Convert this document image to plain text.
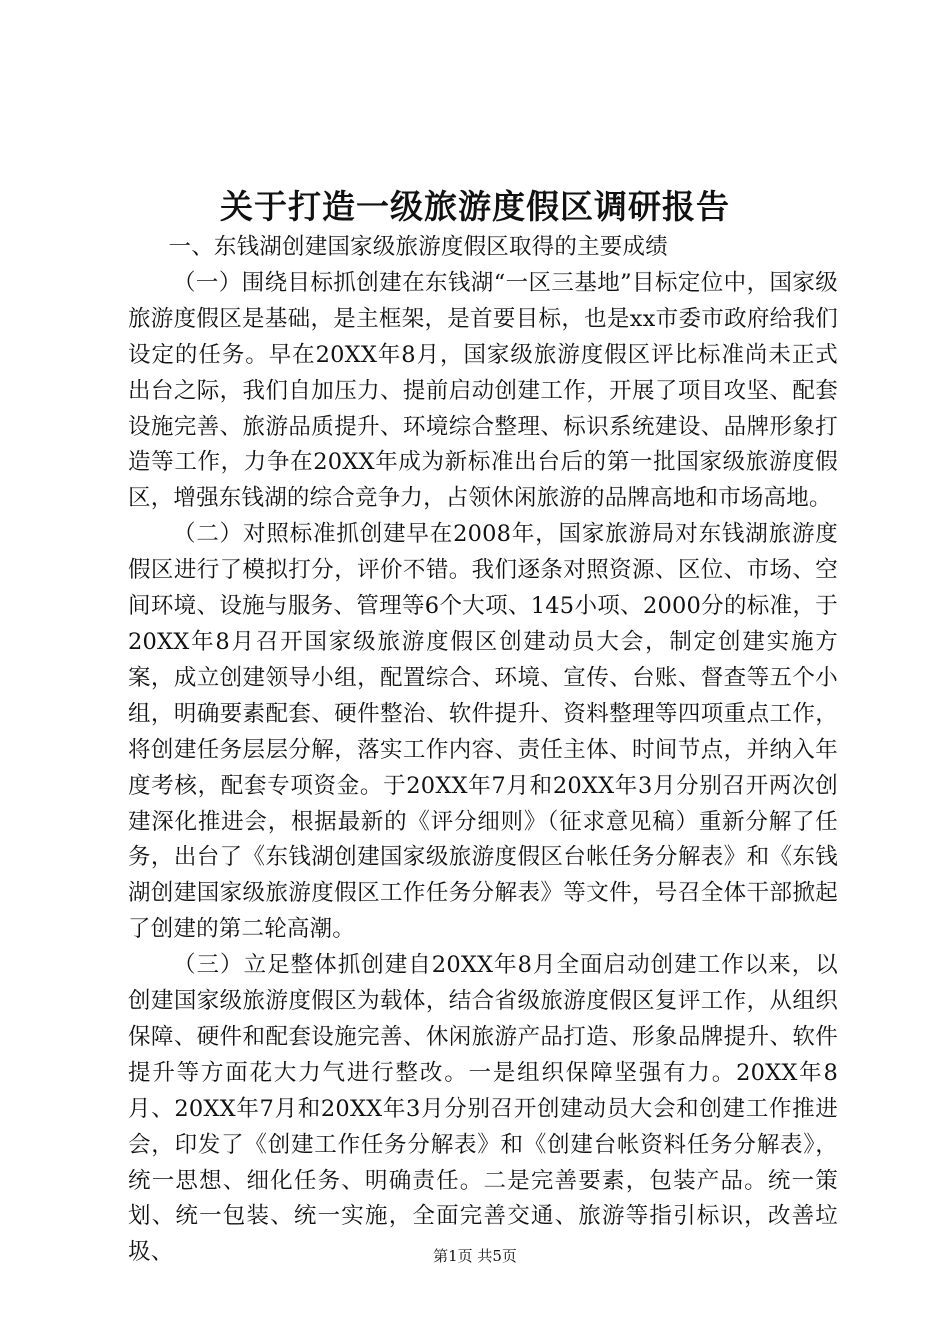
关于打造一级旅游度假区调研报告

一、东钱湖创建国家级旅游度假区取得的主要成绩

（一）围绕目标抓创建在东钱湖“一区三基地”目标定位中，国家级旅游度假区是基础，是主框架，是首要目标，也是xx市委市政府给我们设定的任务。早在20XX年8月，国家级旅游度假区评比标准尚未正式出台之际，我们自加压力、提前启动创建工作，开展了项目攻坚、配套设施完善、旅游品质提升、环境综合整理、标识系统建设、品牌形象打造等工作，力争在20XX年成为新标准出台后的第一批国家级旅游度假区，增强东钱湖的综合竞争力，占领休闲旅游的品牌高地和市场高地。

（二）对照标准抓创建早在2008年，国家旅游局对东钱湖旅游度假区进行了模拟打分，评价不错。我们逐条对照资源、区位、市场、空间环境、设施与服务、管理等6个大项、145小项、2000分的标准，于20XX年8月召开国家级旅游度假区创建动员大会，制定创建实施方案，成立创建领导小组，配置综合、环境、宣传、台账、督查等五个小组，明确要素配套、硬件整治、软件提升、资料整理等四项重点工作，将创建任务层层分解，落实工作内容、责任主体、时间节点，并纳入年度考核，配套专项资金。于20XX年7月和20XX年3月分别召开两次创建深化推进会，根据最新的《评分细则》（征求意见稿）重新分解了任务，出台了《东钱湖创建国家级旅游度假区台帐任务分解表》和《东钱湖创建国家级旅游度假区工作任务分解表》等文件，号召全体干部掀起了创建的第二轮高潮。

（三）立足整体抓创建自20XX年8月全面启动创建工作以来，以创建国家级旅游度假区为载体，结合省级旅游度假区复评工作，从组织保障、硬件和配套设施完善、休闲旅游产品打造、形象品牌提升、软件提升等方面花大力气进行整改。一是组织保障坚强有力。20XX年8月、20XX年7月和20XX年3月分别召开创建动员大会和创建工作推进会，印发了《创建工作任务分解表》和《创建台帐资料任务分解表》，统一思想、细化任务、明确责任。二是完善要素，包装产品。统一策划、统一包装、统一实施，全面完善交通、旅游等指引标识，改善垃圾、	第1页 共5页
